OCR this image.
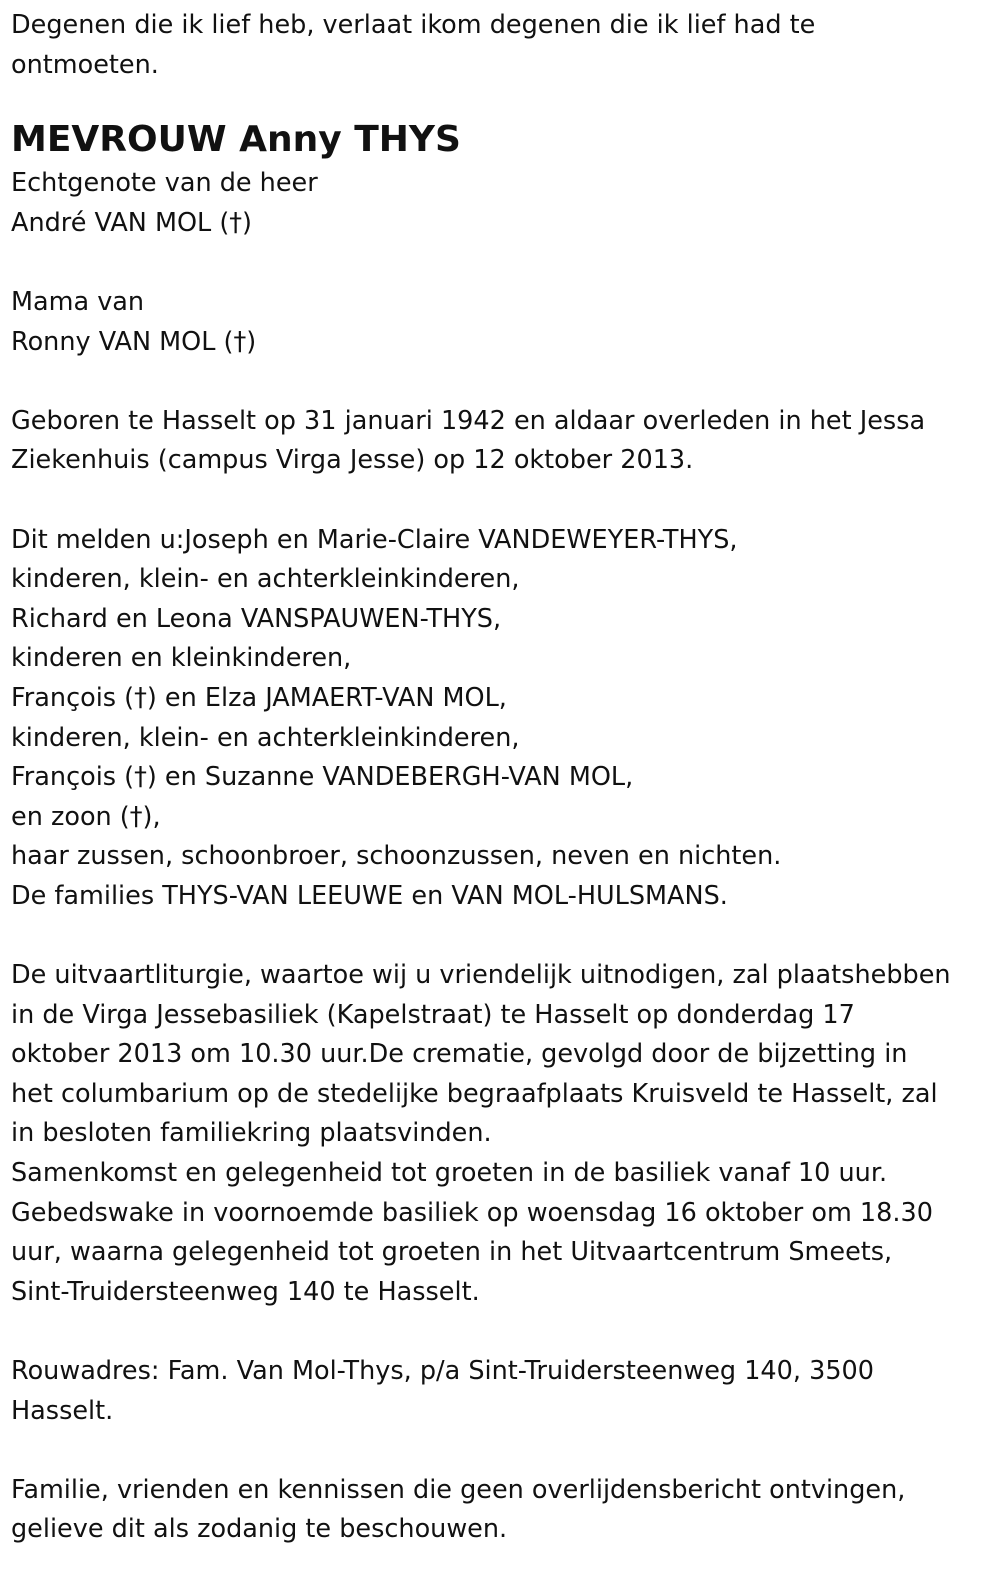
Degenen die ik lief heb, verlaat ikom degenen die ik lief had te

ontmoeten.

MEVROUW Anny THYS

Echtgenote van de heer

André VAN MOL (†)

Mama van

Ronny VAN MOL (†)

Geboren te Hasselt op 31 januari 1942 en aldaar overleden in het Jessa

Ziekenhuis (campus Virga Jesse) op 12 oktober 2013.

Dit melden u:Joseph en Marie-Claire VANDEWEYER-THYS,

kinderen, klein- en achterkleinkinderen,

Richard en Leona VANSPAUWEN-THYS,

kinderen en kleinkinderen,

François (†) en Elza JAMAERT-VAN MOL,

kinderen, klein- en achterkleinkinderen,

François (†) en Suzanne VANDEBERGH-VAN MOL,

en zoon (†),

haar zussen, schoonbroer, schoonzussen, neven en nichten.

De families THYS-VAN LEEUWE en VAN MOL-HULSMANS.

De uitvaartliturgie, waartoe wij u vriendelijk uitnodigen, zal plaatshebben

in de Virga Jessebasiliek (Kapelstraat) te Hasselt op donderdag 17

oktober 2013 om 10.30 uur.De crematie, gevolgd door de bijzetting in

het columbarium op de stedelijke begraafplaats Kruisveld te Hasselt, zal

in besloten familiekring plaatsvinden.

Samenkomst en gelegenheid tot groeten in de basiliek vanaf 10 uur.

Gebedswake in voornoemde basiliek op woensdag 16 oktober om 18.30

uur, waarna gelegenheid tot groeten in het Uitvaartcentrum Smeets,

Sint-Truidersteenweg 140 te Hasselt.

Rouwadres: Fam. Van Mol-Thys, p/a Sint-Truidersteenweg 140, 3500

Hasselt.

Familie, vrienden en kennissen die geen overlijdensbericht ontvingen,

gelieve dit als zodanig te beschouwen.
